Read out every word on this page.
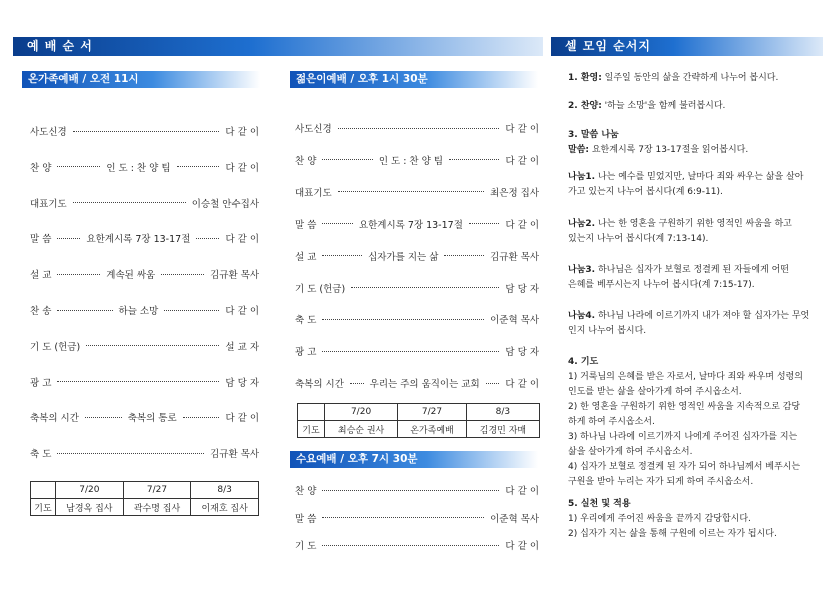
예 배 순 서	셀 모임 순서지
온가족예배 / 오전 11시
사도신경	다 같 이
찬 양	인 도 : 찬 양 팀	다 같 이
대표기도	이승철 안수집사
말 씀	요한계시록 7장 13-17절	다 같 이
설 교	계속된 싸움	김규환 목사
찬 송	하늘 소망	다 같 이
기 도 (헌금)	설 교 자
광 고	담 당 자
축복의 시간	축복의 통로	다 같 이
축 도	김규환 목사
	7/20	7/27	8/3
기도	남경옥 집사	곽수명 집사	이재호 집사
젊은이예배 / 오후 1시 30분
사도신경	다 같 이
찬 양	인 도 : 찬 양 팀	다 같 이
대표기도	최은정 집사
말 씀	요한계시록 7장 13-17절	다 같 이
설 교	십자가를 지는 삶	김규환 목사
기 도 (헌금)	담 당 자
축 도	이준혁 목사
광 고	담 당 자
축복의 시간	우리는 주의 움직이는 교회	다 같 이
	7/20	7/27	8/3
기도	최승순 권사	온가족예배	김경민 자매
수요예배 / 오후 7시 30분
찬 양	다 같 이
말 씀	이준혁 목사
기 도	다 같 이
1. 환영: 일주일 동안의 삶을 간략하게 나누어 봅시다.
2. 찬양: '하늘 소망'을 함께 불러봅시다.
3. 말씀 나눔
말씀: 요한계시록 7장 13-17절을 읽어봅시다.
나눔1. 나는 예수를 믿었지만, 날마다 죄와 싸우는 삶을 살아
가고 있는지 나누어 봅시다(계 6:9-11).
나눔2. 나는 한 영혼을 구원하기 위한 영적인 싸움을 하고
있는지 나누어 봅시다(계 7:13-14).
나눔3. 하나님은 십자가 보혈로 정결케 된 자들에게 어떤
은혜를 베푸시는지 나누어 봅시다(계 7:15-17).
나눔4. 하나님 나라에 이르기까지 내가 져야 할 십자가는 무엇
인지 나누어 봅시다.
4. 기도
1) 거룩님의 은혜를 받은 자로서, 날마다 죄와 싸우며 성령의
인도를 받는 삶을 살아가게 하여 주시옵소서.
2) 한 영혼을 구원하기 위한 영적인 싸움을 지속적으로 감당
하게 하여 주시옵소서.
3) 하나님 나라에 이르기까지 나에게 주어진 십자가를 지는
삶을 살아가게 하여 주시옵소서.
4) 십자가 보혈로 정결케 된 자가 되어 하나님께서 베푸시는
구원을 받아 누리는 자가 되게 하여 주시옵소서.
5. 실천 및 적용
1) 우리에게 주어진 싸움을 끝까지 감당합시다.
2) 십자가 지는 삶을 통해 구원에 이르는 자가 됩시다.
